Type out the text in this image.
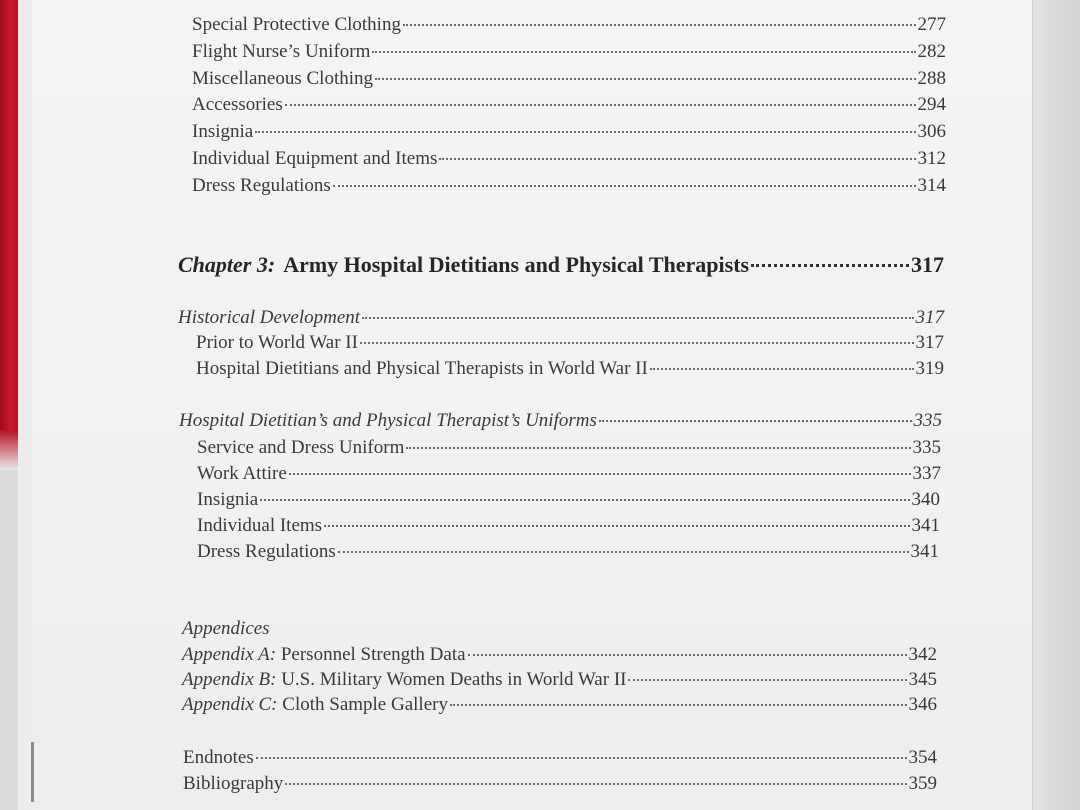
Special Protective Clothing	277
Flight Nurse’s Uniform	282
Miscellaneous Clothing	288
Accessories	294
Insignia	306
Individual Equipment and Items	312
Dress Regulations	314
Chapter 3: Army Hospital Dietitians and Physical Therapists	317
Historical Development	317
Prior to World War II	317
Hospital Dietitians and Physical Therapists in World War II	319
Hospital Dietitian’s and Physical Therapist’s Uniforms	335
Service and Dress Uniform	335
Work Attire	337
Insignia	340
Individual Items	341
Dress Regulations	341
Appendices
Appendix A: Personnel Strength Data	342
Appendix B: U.S. Military Women Deaths in World War II	345
Appendix C: Cloth Sample Gallery	346
Endnotes	354
Bibliography	359
